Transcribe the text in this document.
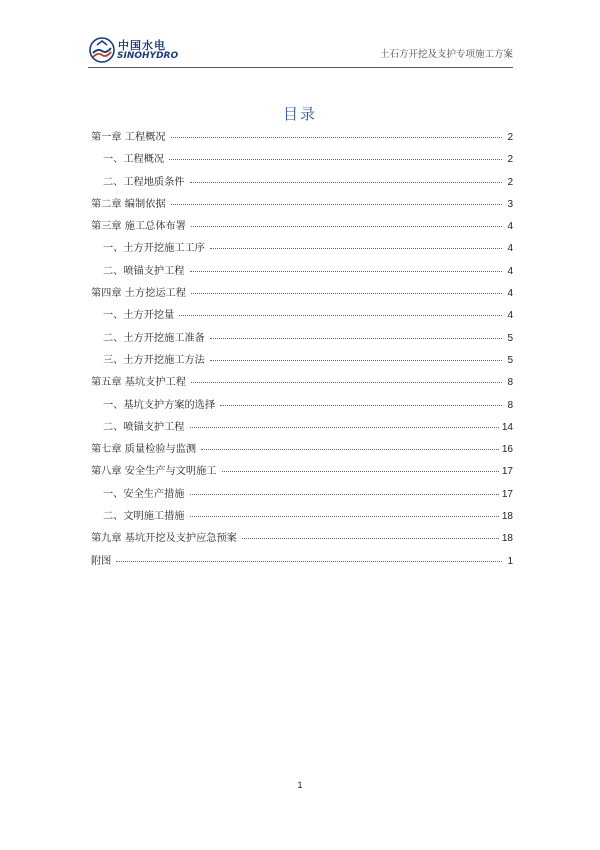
中国水电
SINOHYDRO	土石方开挖及支护专项施工方案
目录
第一章 工程概况	2
一、工程概况	2
二、工程地质条件	2
第二章 编制依据	3
第三章 施工总体布署	4
一、土方开挖施工工序	4
二、喷锚支护工程	4
第四章 土方挖运工程	4
一、土方开挖量	4
二、土方开挖施工准备	5
三、土方开挖施工方法	5
第五章 基坑支护工程	8
一、基坑支护方案的选择	8
二、喷锚支护工程	14
第七章 质量检验与监测	16
第八章 安全生产与文明施工	17
一、安全生产措施	17
二、文明施工措施	18
第九章 基坑开挖及支护应急预案	18
附图	1
1
